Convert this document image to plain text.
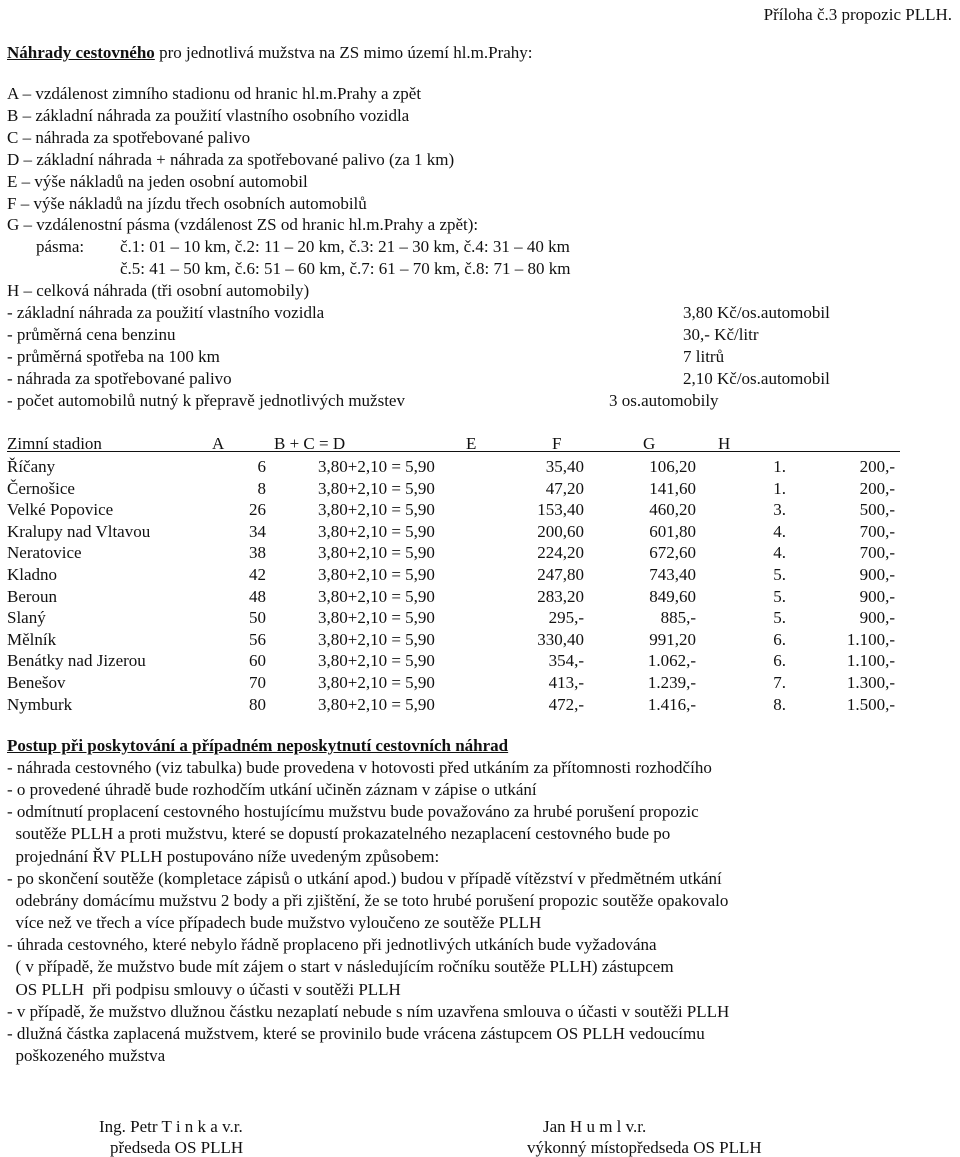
Příloha č.3 propozic PLLH.
Náhrady cestovného pro jednotlivá mužstva na ZS mimo území hl.m.Prahy:
A – vzdálenost zimního stadionu od hranic hl.m.Prahy a zpět
B – základní náhrada za použití vlastního osobního vozidla
C – náhrada za spotřebované palivo
D – základní náhrada + náhrada za spotřebované palivo (za 1 km)
E – výše nákladů na jeden osobní automobil
F – výše nákladů na jízdu třech osobních automobilů
G – vzdálenostní pásma (vzdálenost ZS od hranic hl.m.Prahy a zpět):
pásma: č.1: 01 – 10 km, č.2: 11 – 20 km, č.3: 21 – 30 km, č.4: 31 – 40 km
č.5: 41 – 50 km, č.6: 51 – 60 km, č.7: 61 – 70 km, č.8: 71 – 80 km
H – celková náhrada (tři osobní automobily)
- základní náhrada za použití vlastního vozidla	3,80 Kč/os.automobil
- průměrná cena benzinu	30,- Kč/litr
- průměrná spotřeba na 100 km	7 litrů
- náhrada za spotřebované palivo	2,10 Kč/os.automobil
- počet automobilů nutný k přepravě jednotlivých mužstev	3 os.automobily
Zimní stadion	A	B + C = D	E	F	G	H
Říčany	6	3,80+2,10 = 5,90	35,40	106,20	1.	200,-
Černošice	8	3,80+2,10 = 5,90	47,20	141,60	1.	200,-
Velké Popovice	26	3,80+2,10 = 5,90	153,40	460,20	3.	500,-
Kralupy nad Vltavou	34	3,80+2,10 = 5,90	200,60	601,80	4.	700,-
Neratovice	38	3,80+2,10 = 5,90	224,20	672,60	4.	700,-
Kladno	42	3,80+2,10 = 5,90	247,80	743,40	5.	900,-
Beroun	48	3,80+2,10 = 5,90	283,20	849,60	5.	900,-
Slaný	50	3,80+2,10 = 5,90	295,-	885,-	5.	900,-
Mělník	56	3,80+2,10 = 5,90	330,40	991,20	6.	1.100,-
Benátky nad Jizerou	60	3,80+2,10 = 5,90	354,-	1.062,-	6.	1.100,-
Benešov	70	3,80+2,10 = 5,90	413,-	1.239,-	7.	1.300,-
Nymburk	80	3,80+2,10 = 5,90	472,-	1.416,-	8.	1.500,-
Postup při poskytování a případném neposkytnutí cestovních náhrad
- náhrada cestovného (viz tabulka) bude provedena v hotovosti před utkáním za přítomnosti rozhodčího
- o provedené úhradě bude rozhodčím utkání učiněn záznam v zápise o utkání
- odmítnutí proplacení cestovného hostujícímu mužstvu bude považováno za hrubé porušení propozic
soutěže PLLH a proti mužstvu, které se dopustí prokazatelného nezaplacení cestovného bude po
projednání ŘV PLLH postupováno níže uvedeným způsobem:
- po skončení soutěže (kompletace zápisů o utkání apod.) budou v případě vítězství v předmětném utkání
odebrány domácímu mužstvu 2 body a při zjištění, že se toto hrubé porušení propozic soutěže opakovalo
více než ve třech a více případech bude mužstvo vyloučeno ze soutěže PLLH
- úhrada cestovného, které nebylo řádně proplaceno při jednotlivých utkáních bude vyžadována
( v případě, že mužstvo bude mít zájem o start v následujícím ročníku soutěže PLLH) zástupcem
OS PLLH  při podpisu smlouvy o účasti v soutěži PLLH
- v případě, že mužstvo dlužnou částku nezaplatí nebude s ním uzavřena smlouva o účasti v soutěži PLLH
- dlužná částka zaplacená mužstvem, které se provinilo bude vrácena zástupcem OS PLLH vedoucímu
poškozeného mužstva
Ing. Petr T i n k a v.r.
předseda OS PLLH
Jan H u m l v.r.
výkonný místopředseda OS PLLH
